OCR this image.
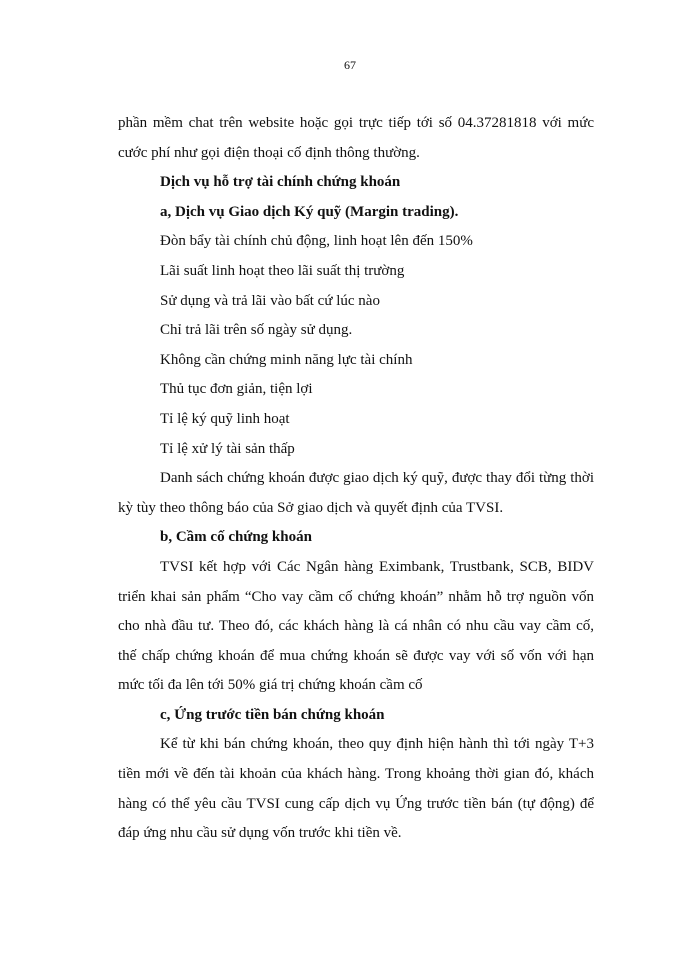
67

phần mềm chat trên website hoặc gọi trực tiếp tới số 04.37281818 với mức cước phí như gọi điện thoại cố định thông thường.

Dịch vụ hỗ trợ tài chính chứng khoán

a, Dịch vụ Giao dịch Ký quỹ (Margin trading).

Đòn bẩy tài chính chủ động, linh hoạt lên đến 150%

Lãi suất linh hoạt theo lãi suất thị trường

Sử dụng và trả lãi vào bất cứ lúc nào

Chỉ trả lãi trên số ngày sử dụng.

Không cần chứng minh năng lực tài chính

Thủ tục đơn giản, tiện lợi

Tỉ lệ ký quỹ linh hoạt

Tỉ lệ xử lý tài sản thấp

Danh sách chứng khoán được giao dịch ký quỹ, được thay đổi từng thời kỳ tùy theo thông báo của Sở giao dịch và quyết định của TVSI.

b, Cầm cố chứng khoán

TVSI kết hợp với Các Ngân hàng Eximbank, Trustbank, SCB, BIDV triển khai sản phẩm “Cho vay cầm cố chứng khoán” nhằm hỗ trợ nguồn vốn cho nhà đầu tư. Theo đó, các khách hàng là cá nhân có nhu cầu vay cầm cố, thế chấp chứng khoán để mua chứng khoán sẽ được vay với số vốn với hạn mức tối đa lên tới 50% giá trị chứng khoán cầm cố

c, Ứng trước tiền bán chứng khoán

Kể từ khi bán chứng khoán, theo quy định hiện hành thì tới ngày T+3 tiền mới về đến tài khoản của khách hàng. Trong khoảng thời gian đó, khách hàng có thể yêu cầu TVSI cung cấp dịch vụ Ứng trước tiền bán (tự động) để đáp ứng nhu cầu sử dụng vốn trước khi tiền về.
